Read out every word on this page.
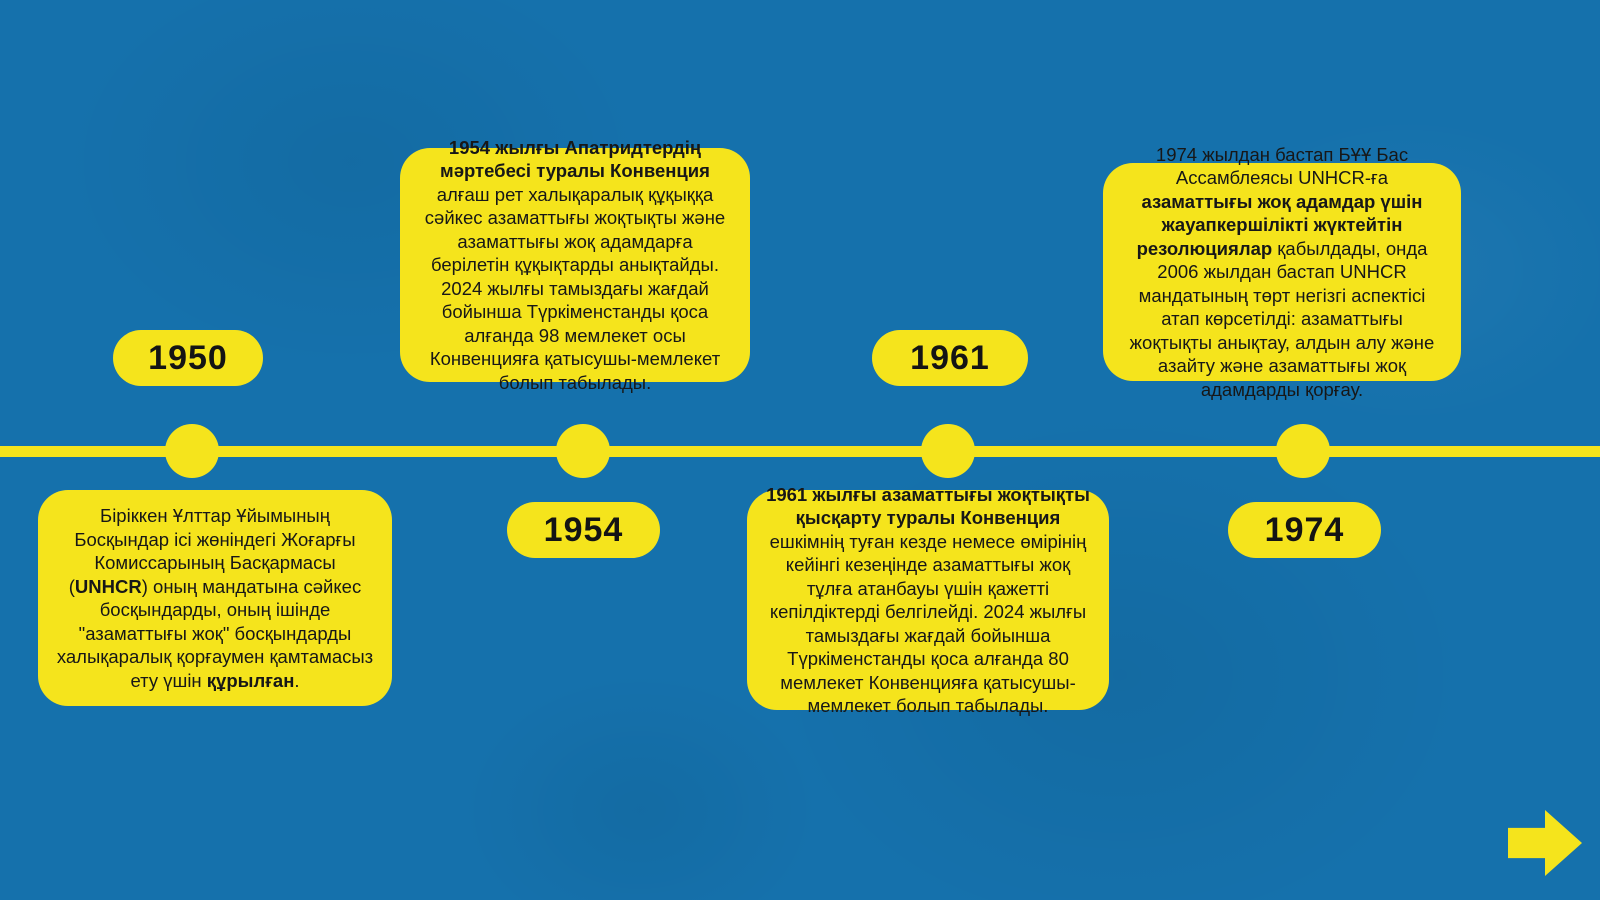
1950
Біріккен Ұлттар Ұйымының Босқындар ісі жөніндегі Жоғарғы Комиссарының Басқармасы (UNHCR) оның мандатына сәйкес босқындарды, оның ішінде "азаматтығы жоқ" босқындарды халықаралық қорғаумен қамтамасыз ету үшін құрылған.
1954
1954 жылғы Апатридтердің мәртебесі туралы Конвенция алғаш рет халықаралық құқыққа сәйкес азаматтығы жоқтықты және азаматтығы жоқ адамдарға берілетін құқықтарды анықтайды. 2024 жылғы тамыздағы жағдай бойынша Түркіменстанды қоса алғанда 98 мемлекет осы Конвенцияға қатысушы-мемлекет болып табылады.
1961
1961 жылғы азаматтығы жоқтықты қысқарту туралы Конвенция ешкімнің туған кезде немесе өмірінің кейінгі кезеңінде азаматтығы жоқ тұлға атанбауы үшін қажетті кепілдіктерді белгілейді. 2024 жылғы тамыздағы жағдай бойынша Түркіменстанды қоса алғанда 80 мемлекет Конвенцияға қатысушы-мемлекет болып табылады.
1974
1974 жылдан бастап БҰҰ Бас Ассамблеясы UNHCR-ға азаматтығы жоқ адамдар үшін жауапкершілікті жүктейтін резолюциялар қабылдады, онда 2006 жылдан бастап UNHCR мандатының төрт негізгі аспектісі атап көрсетілді: азаматтығы жоқтықты анықтау, алдын алу және азайту және азаматтығы жоқ адамдарды қорғау.
